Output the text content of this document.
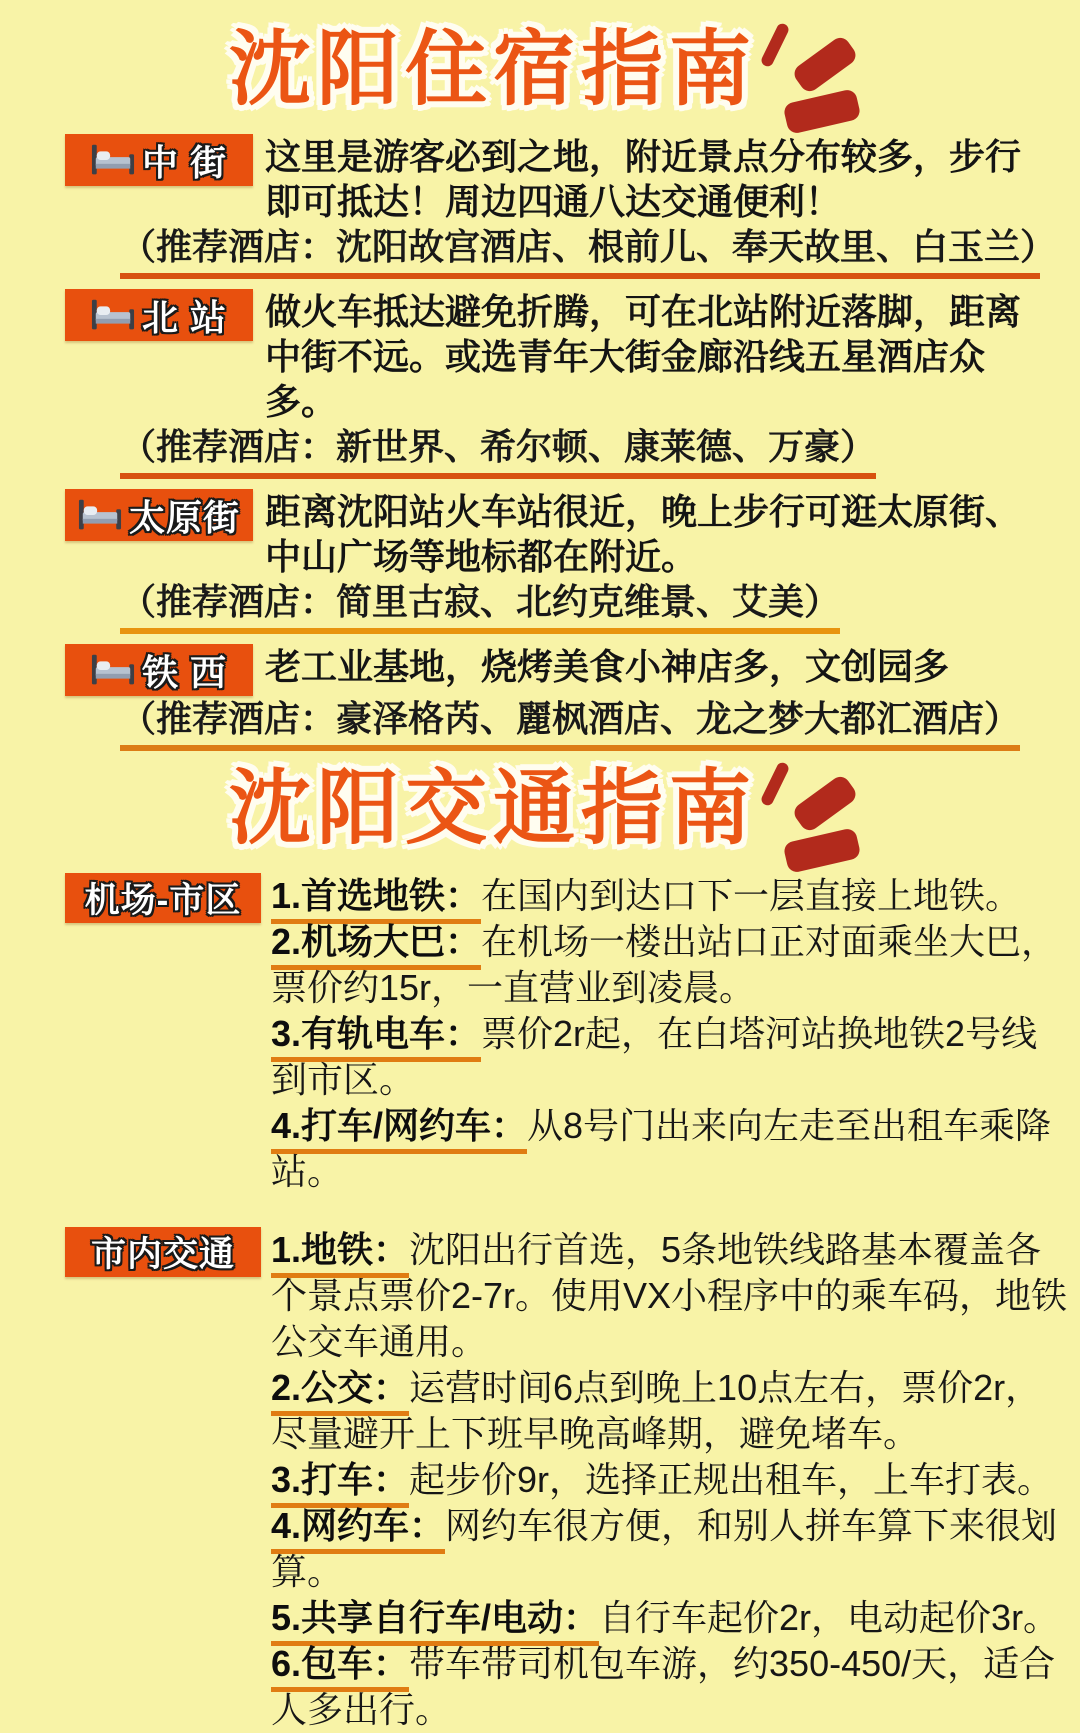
沈阳住宿指南
中 街 这里是游客必到之地，附近景点分布较多，步行即可抵达！周边四通八达交通便利！
（推荐酒店：沈阳故宫酒店、根前儿、奉天故里、白玉兰）
北 站 做火车抵达避免折腾，可在北站附近落脚，距离中街不远。或选青年大街金廊沿线五星酒店众多。
（推荐酒店：新世界、希尔顿、康莱德、万豪）
太原街 距离沈阳站火车站很近，晚上步行可逛太原街、中山广场等地标都在附近。
（推荐酒店：简里古寂、北约克维景、艾美）
铁 西 老工业基地，烧烤美食小神店多，文创园多
（推荐酒店：豪泽格芮、麗枫酒店、龙之梦大都汇酒店）
沈阳交通指南
机场-市区 1.首选地铁：在国内到达口下一层直接上地铁。

2.机场大巴：在机场一楼出站口正对面乘坐大巴，票价约15r，一直营业到凌晨。

3.有轨电车：票价2r起，在白塔河站换地铁2号线到市区。

4.打车/网约车：从8号门出来向左走至出租车乘降站。

市内交通 1.地铁：沈阳出行首选，5条地铁线路基本覆盖各个景点票价2-7r。使用VX小程序中的乘车码，地铁公交车通用。

2.公交：运营时间6点到晚上10点左右，票价2r，尽量避开上下班早晚高峰期，避免堵车。

3.打车：起步价9r，选择正规出租车，上车打表。

4.网约车：网约车很方便，和别人拼车算下来很划算。

5.共享自行车/电动：自行车起价2r，电动起价3r。

6.包车：带车带司机包车游，约350-450/天，适合人多出行。
